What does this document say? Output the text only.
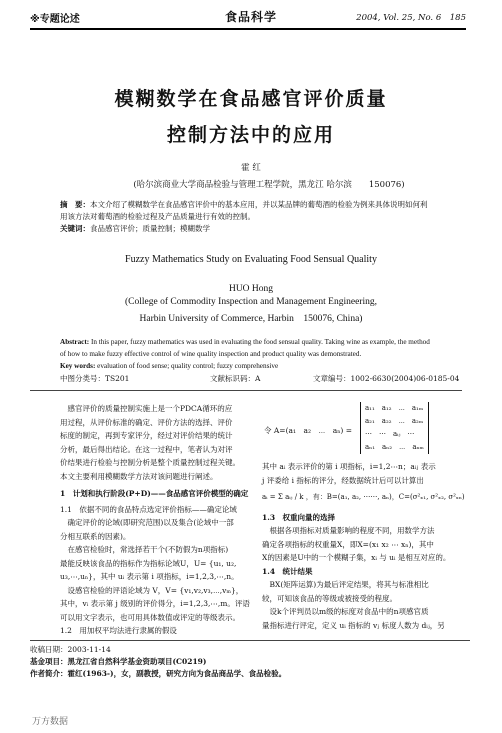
※专题论述	食品科学	2004, Vol. 25, No. 6　 185
模糊数学在食品感官评价质量
控制方法中的应用
霍 红
(哈尔滨商业大学商品检验与管理工程学院，黑龙江 哈尔滨　　150076)
摘　要：本文介绍了模糊数学在食品感官评价中的基本应用，并以某品牌的葡萄酒的检验为例来具体说明如何利
用该方法对葡萄酒的检验过程及产品质量进行有效的控制。
关键词：食品感官评价；质量控制；模糊数学
Fuzzy Mathematics Study on Evaluating Food Sensual Quality
HUO Hong
(College of Commodity Inspection and Management Engineering,
Harbin University of Commerce, Harbin　150076, China)
Abstract: In this paper, fuzzy mathematics was used in evaluating the food sensual quality. Taking wine as example, the method
of how to make fuzzy effective control of wine quality inspection and product quality was demonstrated.
Key words: evaluation of food sense; quality control; fuzzy comprehensive
中图分类号：TS201	文献标识码：A	文章编号：1002-6630(2004)06-0185-04
　感官评价的质量控制实施上是一个PDCA循环的应
用过程，从评价标准的确定、评价方法的选择、评价
标度的制定，再到专家评分，经过对评价结果的统计
分析，最后得出结论。在这一过程中，笔者认为对评
价结果进行检验与控制分析是整个质量控制过程关键。
本文主要利用模糊数学方法对该问题进行阐述。
1　计划和执行阶段(P+D)——食品感官评价模型的确定
1.1　依据不同的食品特点选定评价指标——确定论域
　确定评价的论域(即研究范围)以及集合(论域中一部
分相互联系的因素)。
　在感官检验时，常选择若干个(不防假为n项指标)
最能反映该食品的指标作为指标论域U，U= {u₁, u₂,
u₃,⋯,uₙ}，其中 uᵢ 表示第 i 项指标，i=1,2,3,⋯,n。
　设感官检验的评语论域为 V，V= {v₁,v₂,v₃,⋯,vₘ}，
其中，vᵢ 表示第 j 级别的评价得分，i=1,2,3,⋯,m。评语
可以用文字表示，也可用具体数值或评定的等级表示。
1.2　用加权平均法进行隶属的假设
令 A=(a₁　a₂　⋯　aₙ) =
a₁₁　a₁₂　⋯　a₁ₘ
a₂₁　a₂₂　⋯　a₂ₘ
⋯　⋯　aᵢⱼ　⋯
aₙ₁　aₙ₂　⋯　aₙₘ
其中 aᵢ 表示评价的第 i 项指标，i=1,2⋯n；aᵢⱼ 表示
j 评委给 i 指标的评分，经数据统计后可以计算出
aᵢ = Σ aᵢⱼ / k ，有：B=(a₁, a₂, ⋯⋯, aₙ)，C=(σ²ₓ₁, σ²ₓ₂, σ²ₓₙ)
1.3　权重向量的选择
　根据各项指标对质量影响的程度不同，用数学方法
确定各项指标的权重量X，即X=(x₁ x₂ ⋯ xₙ)，其中
X的因素是U中的一个模糊子集，xᵢ 与 uᵢ 是相互对应的。
1.4　统计结果
　BX(矩阵运算)为最后评定结果，将其与标准相比
较，可知该食品的等级或被接受的程度。
　设k个评判员以m级的标度对食品中的n项感官质
量指标进行评定，定义 uᵢ 指标的 vⱼ 标度人数为 dᵢⱼ，另
收稿日期：2003-11-14
基金项目：黑龙江省自然科学基金资助项目(C0219)
作者简介：霍红(1963-)，女，副教授，研究方向为食品商品学、食品检验。
万方数据
